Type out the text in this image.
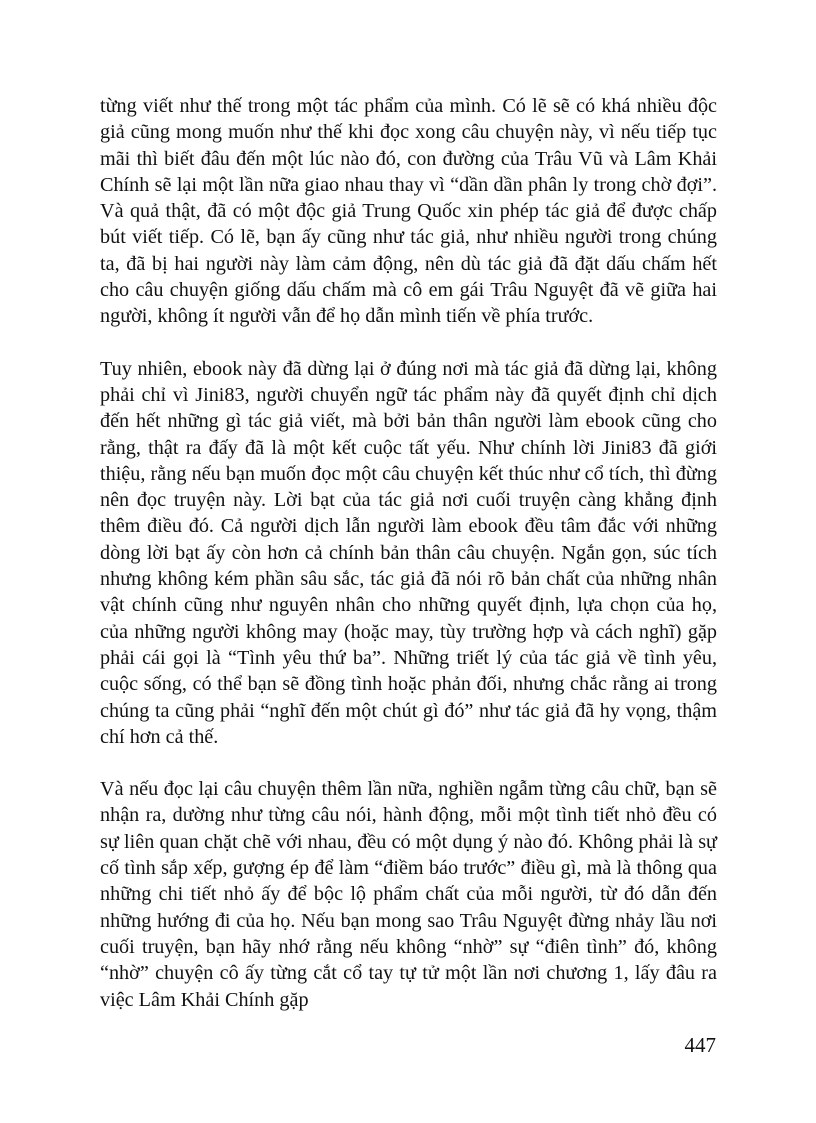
từng viết như thế trong một tác phẩm của mình. Có lẽ sẽ có khá nhiều độc giả cũng mong muốn như thế khi đọc xong câu chuyện này, vì nếu tiếp tục mãi thì biết đâu đến một lúc nào đó, con đường của Trâu Vũ và Lâm Khải Chính sẽ lại một lần nữa giao nhau thay vì “dần dần phân ly trong chờ đợi”. Và quả thật, đã có một độc giả Trung Quốc xin phép tác giả để được chấp bút viết tiếp. Có lẽ, bạn ấy cũng như tác giả, như nhiều người trong chúng ta, đã bị hai người này làm cảm động, nên dù tác giả đã đặt dấu chấm hết cho câu chuyện giống dấu chấm mà cô em gái Trâu Nguyệt đã vẽ giữa hai người, không ít người vẫn để họ dẫn mình tiến về phía trước.

Tuy nhiên, ebook này đã dừng lại ở đúng nơi mà tác giả đã dừng lại, không phải chỉ vì Jini83, người chuyển ngữ tác phẩm này đã quyết định chỉ dịch đến hết những gì tác giả viết, mà bởi bản thân người làm ebook cũng cho rằng, thật ra đấy đã là một kết cuộc tất yếu. Như chính lời Jini83 đã giới thiệu, rằng nếu bạn muốn đọc một câu chuyện kết thúc như cổ tích, thì đừng nên đọc truyện này. Lời bạt của tác giả nơi cuối truyện càng khẳng định thêm điều đó. Cả người dịch lẫn người làm ebook đều tâm đắc với những dòng lời bạt ấy còn hơn cả chính bản thân câu chuyện. Ngắn gọn, súc tích nhưng không kém phần sâu sắc, tác giả đã nói rõ bản chất của những nhân vật chính cũng như nguyên nhân cho những quyết định, lựa chọn của họ, của những người không may (hoặc may, tùy trường hợp và cách nghĩ) gặp phải cái gọi là “Tình yêu thứ ba”. Những triết lý của tác giả về tình yêu, cuộc sống, có thể bạn sẽ đồng tình hoặc phản đối, nhưng chắc rằng ai trong chúng ta cũng phải “nghĩ đến một chút gì đó” như tác giả đã hy vọng, thậm chí hơn cả thế.

Và nếu đọc lại câu chuyện thêm lần nữa, nghiền ngẫm từng câu chữ, bạn sẽ nhận ra, dường như từng câu nói, hành động, mỗi một tình tiết nhỏ đều có sự liên quan chặt chẽ với nhau, đều có một dụng ý nào đó. Không phải là sự cố tình sắp xếp, gượng ép để làm “điềm báo trước” điều gì, mà là thông qua những chi tiết nhỏ ấy để bộc lộ phẩm chất của mỗi người, từ đó dẫn đến những hướng đi của họ. Nếu bạn mong sao Trâu Nguyệt đừng nhảy lầu nơi cuối truyện, bạn hãy nhớ rằng nếu không “nhờ” sự “điên tình” đó, không “nhờ” chuyện cô ấy từng cắt cổ tay tự tử một lần nơi chương 1, lấy đâu ra việc Lâm Khải Chính gặp

447
